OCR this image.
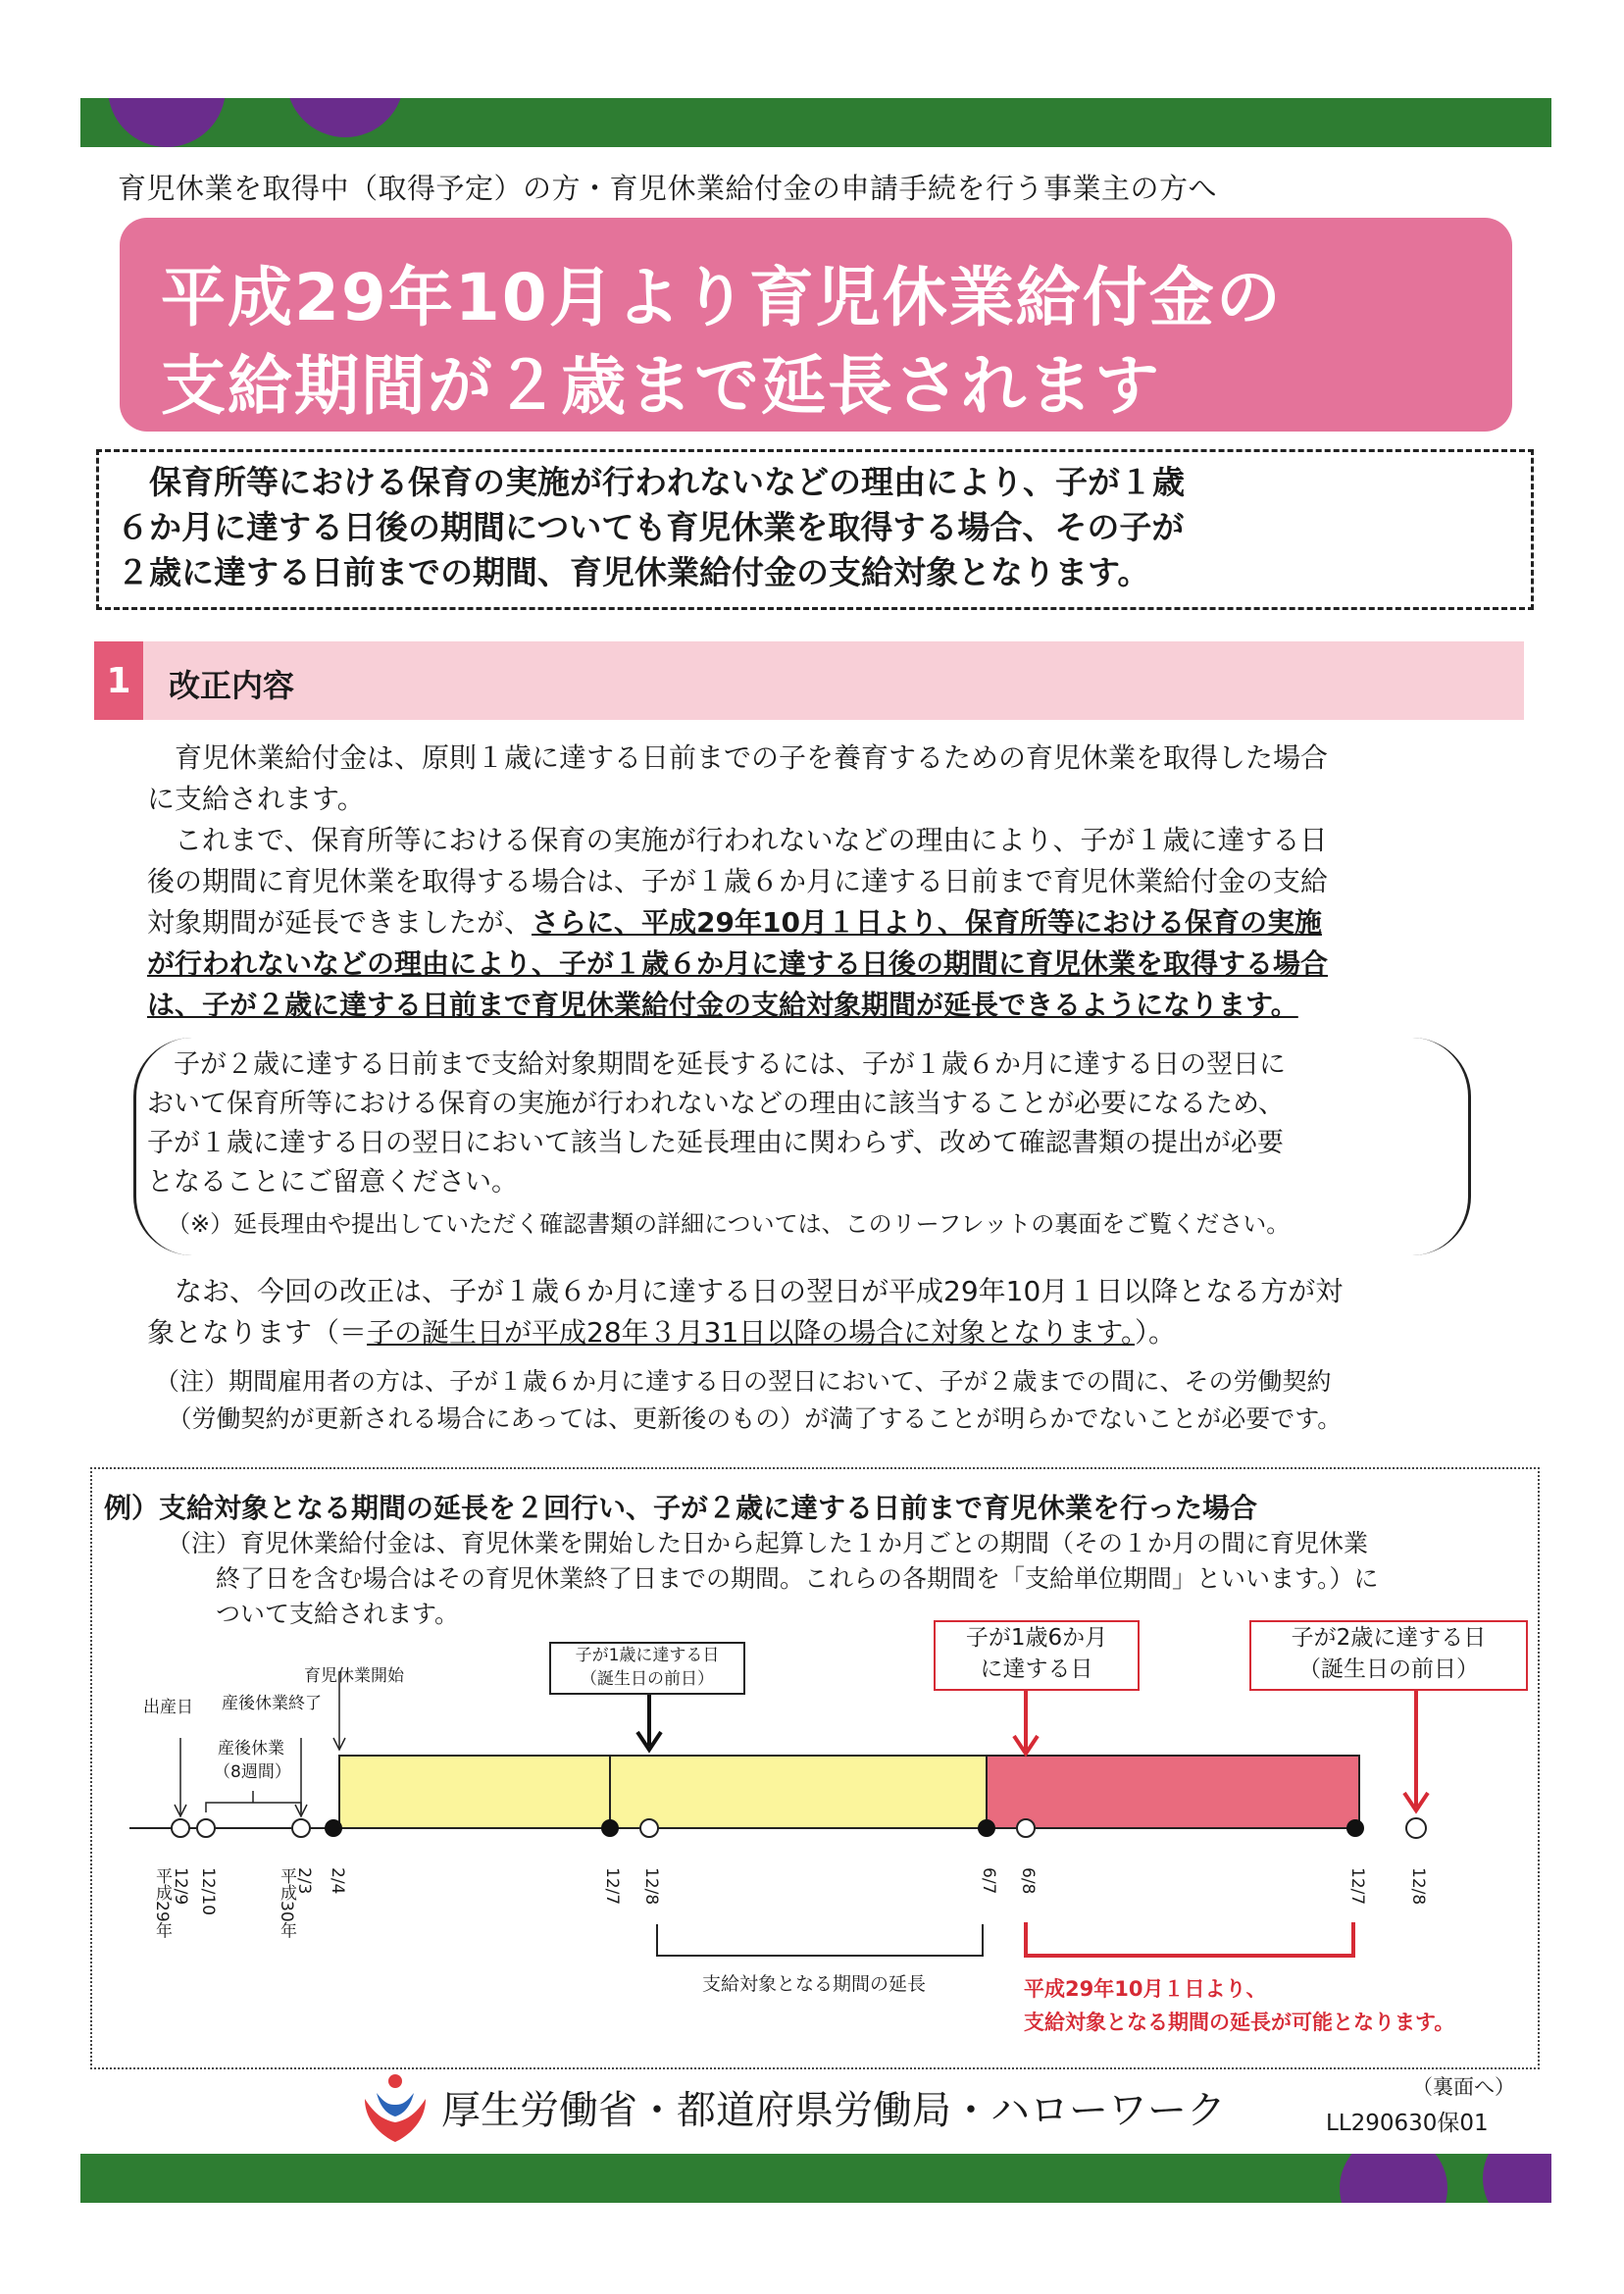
育児休業を取得中（取得予定）の方・育児休業給付金の申請手続を行う事業主の方へ
平成29年10月より育児休業給付金の
支給期間が２歳まで延長されます
　保育所等における保育の実施が行われないなどの理由により、子が１歳
６か月に達する日後の期間についても育児休業を取得する場合、その子が
２歳に達する日前までの期間、育児休業給付金の支給対象となります。
1	改正内容
　育児休業給付金は、原則１歳に達する日前までの子を養育するための育児休業を取得した場合
に支給されます。
　これまで、保育所等における保育の実施が行われないなどの理由により、子が１歳に達する日
後の期間に育児休業を取得する場合は、子が１歳６か月に達する日前まで育児休業給付金の支給
対象期間が延長できましたが、さらに、平成29年10月１日より、保育所等における保育の実施
が行われないなどの理由により、子が１歳６か月に達する日後の期間に育児休業を取得する場合
は、子が２歳に達する日前まで育児休業給付金の支給対象期間が延長できるようになります。
　子が２歳に達する日前まで支給対象期間を延長するには、子が１歳６か月に達する日の翌日に
おいて保育所等における保育の実施が行われないなどの理由に該当することが必要になるため、
子が１歳に達する日の翌日において該当した延長理由に関わらず、改めて確認書類の提出が必要
となることにご留意ください。
（※）延長理由や提出していただく確認書類の詳細については、このリーフレットの裏面をご覧ください。
　なお、今回の改正は、子が１歳６か月に達する日の翌日が平成29年10月１日以降となる方が対
象となります（＝子の誕生日が平成28年３月31日以降の場合に対象となります。）。
（注）期間雇用者の方は、子が１歳６か月に達する日の翌日において、子が２歳までの間に、その労働契約
　（労働契約が更新される場合にあっては、更新後のもの）が満了することが明らかでないことが必要です。
例）支給対象となる期間の延長を２回行い、子が２歳に達する日前まで育児休業を行った場合
（注）育児休業給付金は、育児休業を開始した日から起算した１か月ごとの期間（その１か月の間に育児休業
　　終了日を含む場合はその育児休業終了日までの期間。これらの各期間を「支給単位期間」といいます。）に
　　ついて支給されます。
出産日 産後休業終了
産後休業
（8週間）
育児休業開始
子が1歳に達する日
（誕生日の前日）
子が1歳6か月
に達する日
子が2歳に達する日
（誕生日の前日）
平成29年 12/9 12/10	平成30年
2/3 2/4	12/7 12/8	6/7 6/8	12/7 12/8
支給対象となる期間の延長	平成29年10月１日より、
支給対象となる期間の延長が可能となります。
厚生労働省・都道府県労働局・ハローワーク
（裏面へ）
LL290630保01
